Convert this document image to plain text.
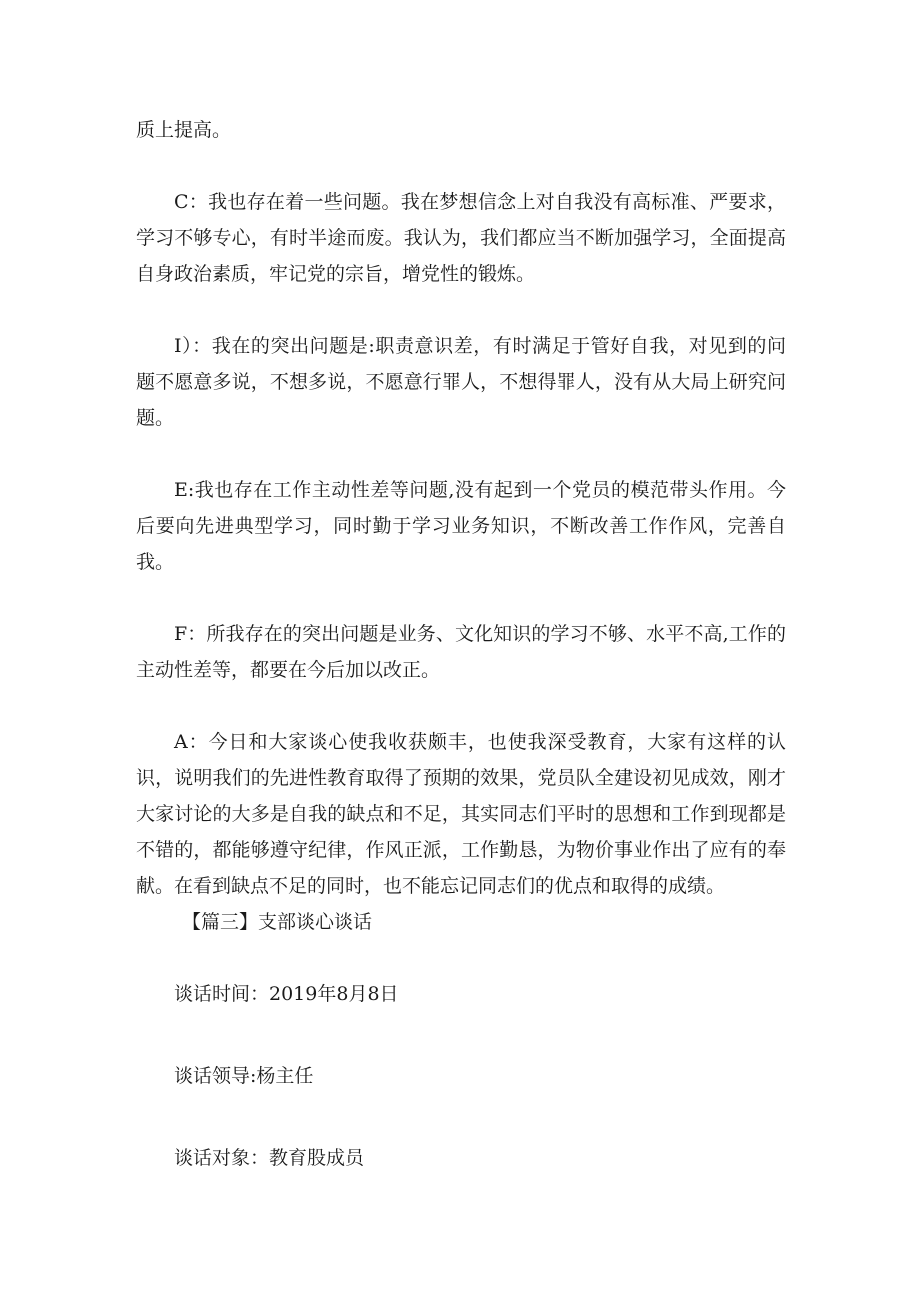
质上提高。

C：我也存在着一些问题。我在梦想信念上对自我没有高标准、严要求，学习不够专心，有时半途而废。我认为，我们都应当不断加强学习，全面提高自身政治素质，牢记党的宗旨，增党性的锻炼。

I）：我在的突出问题是:职责意识差，有时满足于管好自我，对见到的问题不愿意多说，不想多说，不愿意行罪人，不想得罪人，没有从大局上研究问题。

E:我也存在工作主动性差等问题,没有起到一个党员的模范带头作用。今后要向先进典型学习，同时勤于学习业务知识，不断改善工作作风，完善自我。

F：所我存在的突出问题是业务、文化知识的学习不够、水平不高,工作的主动性差等，都要在今后加以改正。

A：今日和大家谈心使我收获颇丰，也使我深受教育，大家有这样的认识，说明我们的先进性教育取得了预期的效果，党员队全建设初见成效，刚才大家讨论的大多是自我的缺点和不足，其实同志们平时的思想和工作到现都是不错的，都能够遵守纪律，作风正派，工作勤恳，为物价事业作出了应有的奉献。在看到缺点不足的同时，也不能忘记同志们的优点和取得的成绩。

【篇三】支部谈心谈话

谈话时间：2019年8月8日

谈话领导:杨主任

谈话对象：教育股成员
